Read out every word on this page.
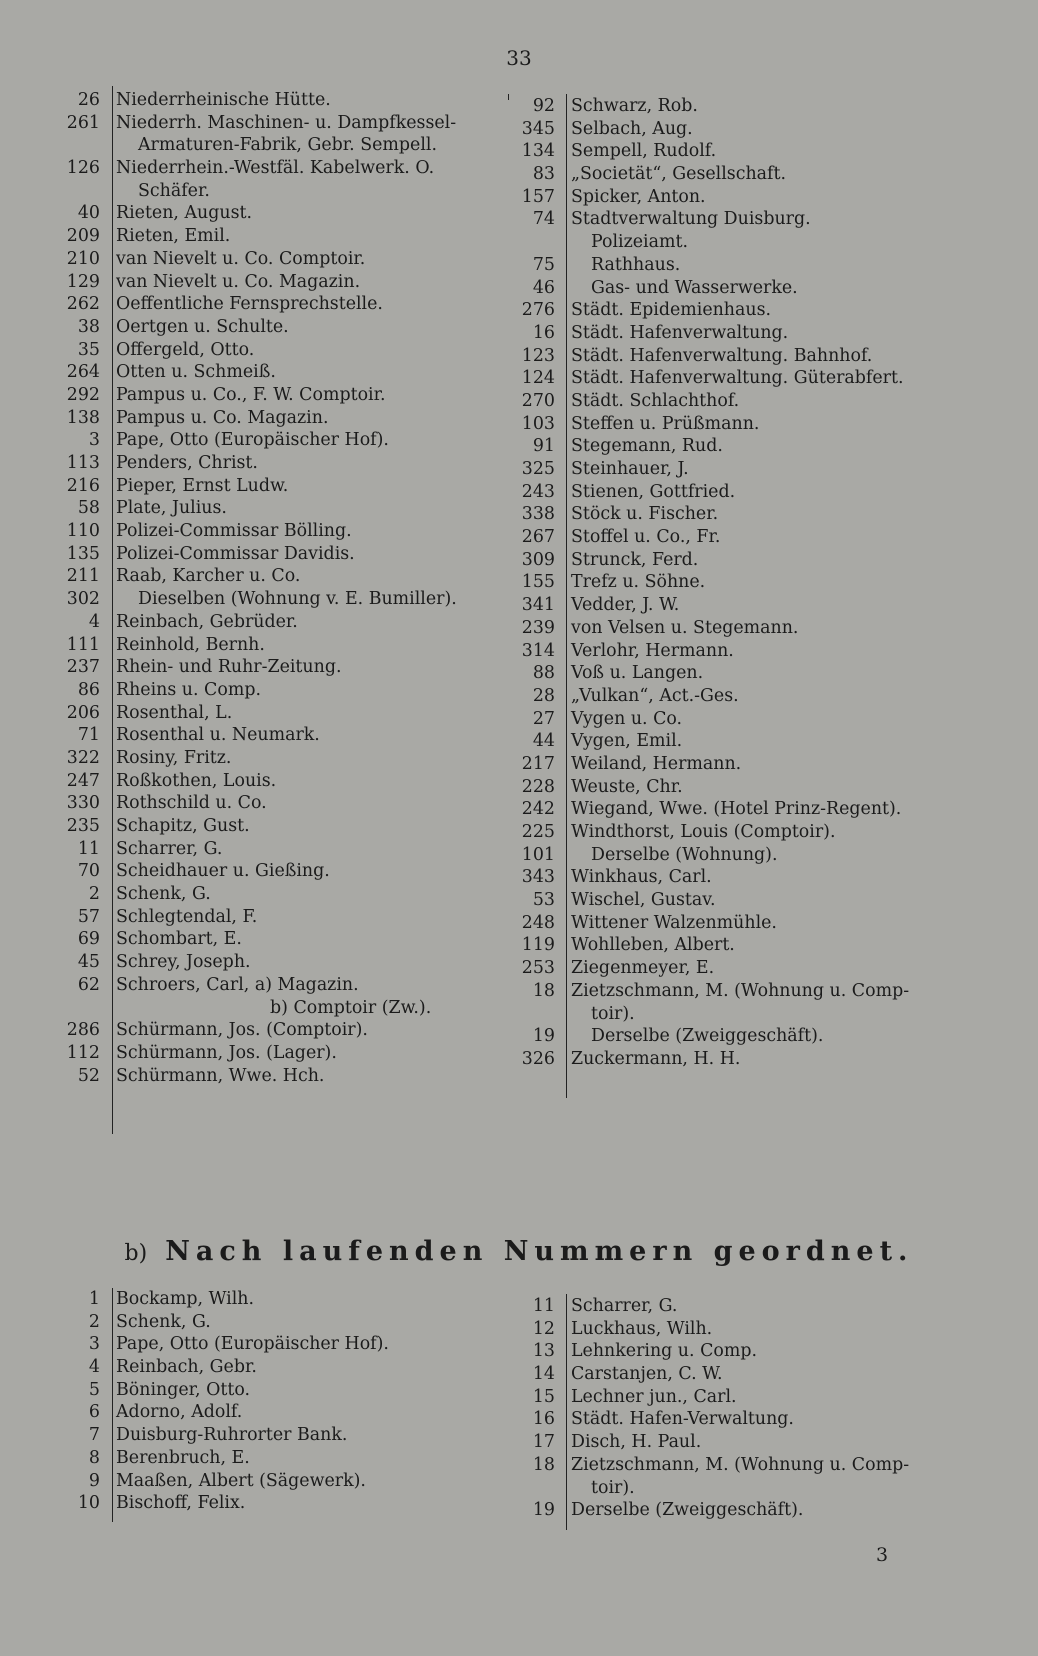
33
26 Niederrheinische Hütte.
261 Niederrh. Maschinen- u. Dampfkessel-
Armaturen-Fabrik, Gebr. Sempell.
126 Niederrhein.-Westfäl. Kabelwerk. O.
Schäfer.
40 Rieten, August.
209 Rieten, Emil.
210 van Nievelt u. Co. Comptoir.
129 van Nievelt u. Co. Magazin.
262 Oeffentliche Fernsprechstelle.
38 Oertgen u. Schulte.
35 Offergeld, Otto.
264 Otten u. Schmeiß.
292 Pampus u. Co., F. W. Comptoir.
138 Pampus u. Co. Magazin.
3 Pape, Otto (Europäischer Hof).
113 Penders, Christ.
216 Pieper, Ernst Ludw.
58 Plate, Julius.
110 Polizei-Commissar Bölling.
135 Polizei-Commissar Davidis.
211 Raab, Karcher u. Co.
302	Dieselben (Wohnung v. E. Bumiller).
4 Reinbach, Gebrüder.
111 Reinhold, Bernh.
237 Rhein- und Ruhr-Zeitung.
86 Rheins u. Comp.
206 Rosenthal, L.
71 Rosenthal u. Neumark.
322 Rosiny, Fritz.
247 Roßkothen, Louis.
330 Rothschild u. Co.
235 Schapitz, Gust.
11 Scharrer, G.
70 Scheidhauer u. Gießing.
2 Schenk, G.
57 Schlegtendal, F.
69 Schombart, E.
45 Schrey, Joseph.
62 Schroers, Carl, a) Magazin.
b) Comptoir (Zw.).
286 Schürmann, Jos. (Comptoir).
112 Schürmann, Jos. (Lager).
52 Schürmann, Wwe. Hch.
92 Schwarz, Rob.
345 Selbach, Aug.
134 Sempell, Rudolf.
83 „Societät“, Gesellschaft.
157 Spicker, Anton.
74 Stadtverwaltung Duisburg.
Polizeiamt.
75	Rathhaus.
46	Gas- und Wasserwerke.
276 Städt. Epidemienhaus.
16 Städt. Hafenverwaltung.
123 Städt. Hafenverwaltung. Bahnhof.
124 Städt. Hafenverwaltung. Güterabfert.
270 Städt. Schlachthof.
103 Steffen u. Prüßmann.
91 Stegemann, Rud.
325 Steinhauer, J.
243 Stienen, Gottfried.
338 Stöck u. Fischer.
267 Stoffel u. Co., Fr.
309 Strunck, Ferd.
155 Trefz u. Söhne.
341 Vedder, J. W.
239 von Velsen u. Stegemann.
314 Verlohr, Hermann.
88 Voß u. Langen.
28 „Vulkan“, Act.-Ges.
27 Vygen u. Co.
44 Vygen, Emil.
217 Weiland, Hermann.
228 Weuste, Chr.
242 Wiegand, Wwe. (Hotel Prinz-Regent).
225 Windthorst, Louis (Comptoir).
101	Derselbe (Wohnung).
343 Winkhaus, Carl.
53 Wischel, Gustav.
248 Wittener Walzenmühle.
119 Wohlleben, Albert.
253 Ziegenmeyer, E.
18 Zietzschmann, M. (Wohnung u. Comp-
toir).
19	Derselbe (Zweiggeschäft).
326 Zuckermann, H. H.
b) Nach laufenden Nummern geordnet.
1 Bockamp, Wilh.
2 Schenk, G.
3 Pape, Otto (Europäischer Hof).
4 Reinbach, Gebr.
5 Böninger, Otto.
6 Adorno, Adolf.
7 Duisburg-Ruhrorter Bank.
8 Berenbruch, E.
9 Maaßen, Albert (Sägewerk).
10 Bischoff, Felix.
11 Scharrer, G.
12 Luckhaus, Wilh.
13 Lehnkering u. Comp.
14 Carstanjen, C. W.
15 Lechner jun., Carl.
16 Städt. Hafen-Verwaltung.
17 Disch, H. Paul.
18 Zietzschmann, M. (Wohnung u. Comp-
toir).
19 Derselbe (Zweiggeschäft).
3
